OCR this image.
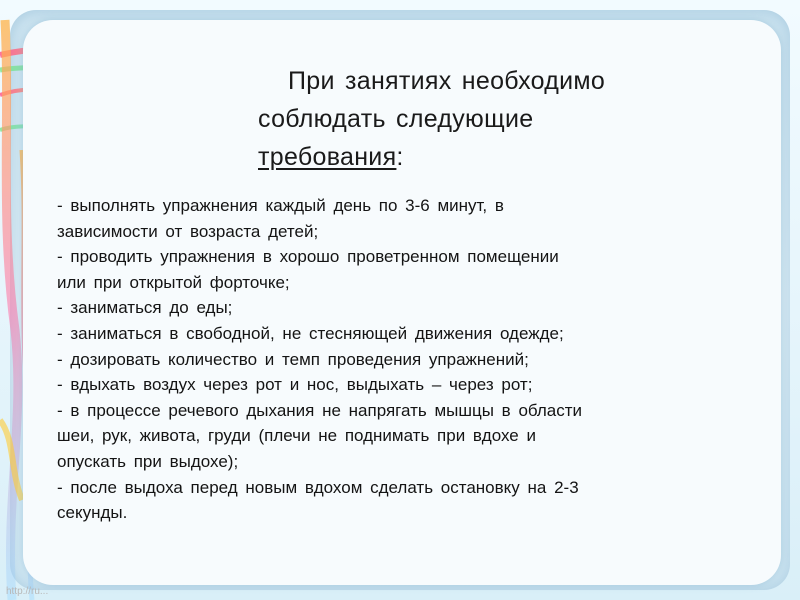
При занятиях необходимо
соблюдать следующие
требования:
- выполнять упражнения каждый день по 3-6 минут, в
зависимости от возраста детей;
- проводить упражнения в хорошо проветренном помещении
или при открытой форточке;
- заниматься до еды;
- заниматься в свободной, не стесняющей движения одежде;
- дозировать количество и темп проведения упражнений;
- вдыхать воздух через рот и нос, выдыхать – через рот;
- в процессе речевого дыхания не напрягать мышцы в области
шеи, рук, живота, груди (плечи не поднимать при вдохе и
опускать при выдохе);
- после выдоха перед новым вдохом сделать остановку на 2-3
секунды.
http://ru...
